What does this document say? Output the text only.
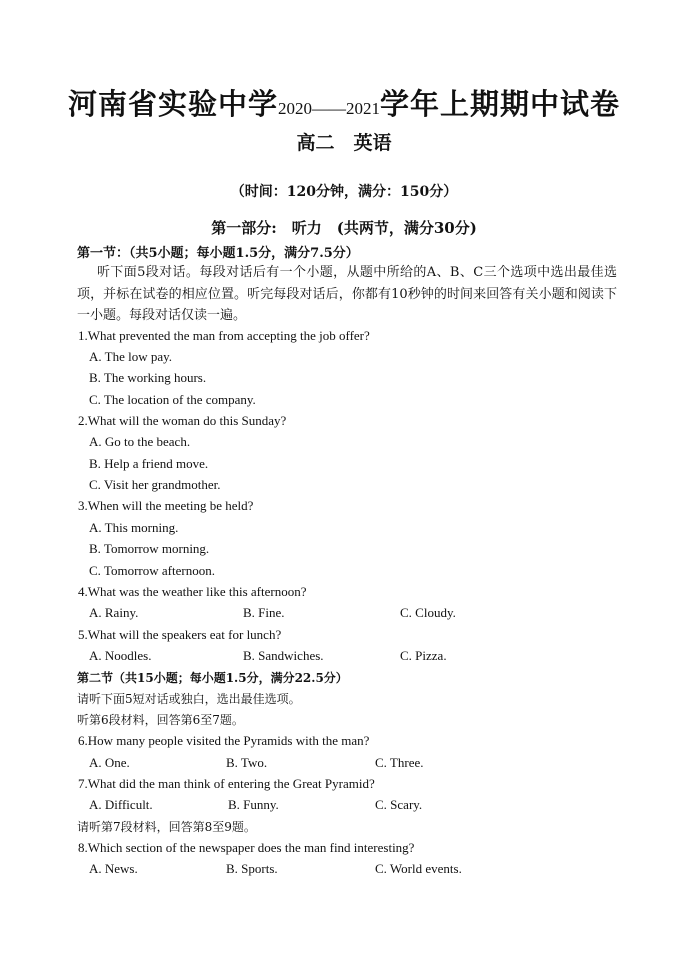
河南省实验中学2020——2021学年上期期中试卷
高二　英语
（时间：120分钟，满分：150分）
第一部分:　听力　(共两节，满分30分)
第一节：（共5小题；每小题1.5分，满分7.5分）
听下面5段对话。每段对话后有一个小题，从题中所给的A、B、C三个选项中选出最佳选项，并标在试卷的相应位置。听完每段对话后，你都有10秒钟的时间来回答有关小题和阅读下一小题。每段对话仅读一遍。
1.What prevented the man from accepting the job offer?
A. The low pay.
B. The working hours.
C. The location of the company.
2.What will the woman do this Sunday?
A. Go to the beach.
B. Help a friend move.
C. Visit her grandmother.
3.When will the meeting be held?
A. This morning.
B. Tomorrow morning.
C. Tomorrow afternoon.
4.What was the weather like this afternoon?
A. Rainy.	B. Fine.	C. Cloudy.
5.What will the speakers eat for lunch?
A. Noodles.	B. Sandwiches.	C. Pizza.
第二节（共15小题；每小题1.5分，满分22.5分）
请听下面5短对话或独白，选出最佳选项。
听第6段材料，回答第6至7题。
6.How many people visited the Pyramids with the man?
A. One.	B. Two.	C. Three.
7.What did the man think of entering the Great Pyramid?
A. Difficult.	B. Funny.	C. Scary.
请听第7段材料，回答第8至9题。
8.Which section of the newspaper does the man find interesting?
A. News.	B. Sports.	C. World events.
